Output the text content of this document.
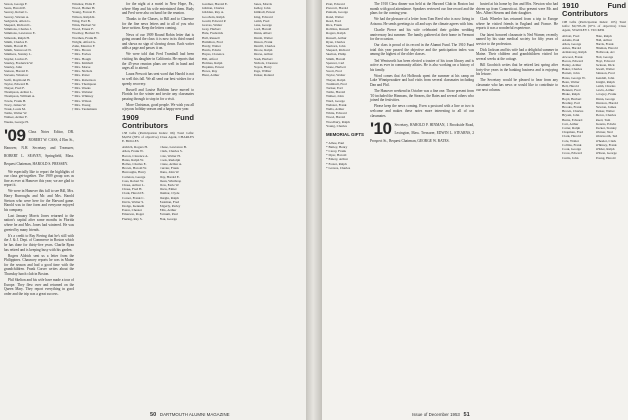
Saxon, George F.
Sears, Harold P.
Seavey, Robert L.
Seavey, Warren A.
Sedgwick, Allen G.
Shepard, Richard L.
Simmons, Charles J.
Simmons, Lawrence E.
Simonds, Ralph H.
Smith, Charles E.
Smith, Harold H.
Smith, Stanwood N.
Smithers, Stanley L.
Snyder, Lucius E.
Stanley, Frederick W.
Stanley, John
Stetson, Harold E.
Stevens, Winslow
Swift, Raymond H.
Taylor, Edward B.
Thayer, Fred F.
Thompson, Arthur L.
Thompson, William A.
Towle, Frank H.
Tracy, James W.
Trask, Louis M.
Tuttle, Walter W.
Walker, Arthur F.
Weeks, George H.

'09 Class Notes Editor, DR. ROBERT W. CASS, 4 Elm St., Hanover, N.H. Secretary and Treasurer, ROBERT L. SEAVEY, Springfield, Mass. Bequest Chairman, HAROLD S. PRESSEY.

We especially like to report the highlights of our class get-together. The 1909 group was as fine as ever at Hanover this year; we are glad to report it.

We were in Hanover this fall to see Bill, Mrs. Harry Burroughs and Mr. and Mrs. Harold Stetson who were here for the Harvard game. Harold was in fine form and everyone enjoyed his company.

Last January Morris Jones returned to the nation's capital after some months in Florida where he and Mrs. Jones had wintered. He was greeted by many friends.

It's a credit to Ray Fiering that he's still with the J. & J. Dept. of Commerce in Boston which he has done for thirty-five years. Charlie Ryan has retired and is keeping busy with his garden.

Rogers Aldrich sent us a letter from the Philippines. Chauncey reports he was in Maine for the season and had a good time with the grandchildren. Frank Corser writes about the Thursday lunch club in Boston.

Phil Skelton and his wife have made a tour of Europe. They flew over and returned on the Queen Mary. They report everything in good order and the trip was a great success.

Windsor, Eldis F.
Wood, Homer H.
Young, Forrest E.
Wilson, Ralph R.
Wing, Earl B.
Winn, Herbert W.
Wood, Ernest F.
Woolley, Herbert W.
Worthen, Frank H.
Wright, Alfred G.
Zahn, Maurice F.
* Mrs. Brown
* Mrs. Forbes
* Mrs. Hough
* Mrs. Kimball
* Mrs. Morse
* Mrs. Nichols
* Mrs. Potter
* Mrs. Robertson
* Mrs. Thompson
* Mrs. Weeks
* Mrs. Webster
* Mrs. Whitney
* Mrs. Wilson
* Mrs. Young
† Mrs. Tiedemann

for the night at a motel in New Hope, Pa., where Shep and his wife entertained them. Rudy and Fred were also on hand for the reunion.

Thanks to the Chases, to Bill and to Clarence for the fine news letters and to all of you who have written. Keep the letters coming.

News of our 1909 Round Robin letter that is going around the class: it is now in its third round and shows no sign of slowing down. Each writer adds a page and passes it on.

We were told that Fred Trumbull had been visiting his daughter in California. He reports that the 45-year reunion plans are well in hand and urges all to attend.

Laura Prescott has sent word that Harold is not so well this fall. We all send our best wishes for a speedy recovery.

Russell and Louise Robbins have moved to Florida for the winter and invite any classmates passing through to stop in for a visit.

More Christmas, good people. We wish you all a joyous holiday season and a happy new year.

1909 Fund Contributors

138 Gifts (Participation Index: 66) Total Gifts: $6,652 (58% of objective) Class Agent, CHARLES E. BOLLES

Aldrich, Rogers H.
Allen, Frank W.
Bacon, Clarence A.
Bates, Ralph W.
Bolles, Charles E.
Brown, Harold W.
Burroughs, Harry
Carleton, George
Cass, Robert W.
Chase, Arthur L.
Chase, Fred H.
Clark, Harold E.
Corser, Frank C.
Davis, Walter S.
Dodge, Kenneth
Eaton, Chester
Emerson, Roger
Fiering, Ray S.
Chase, Lawrence B.
Clark, Charles S.
Cole, Walter H.
Cook, Rudolph
Crane, Arthur A.
Currier, Frank
Dana, John W.
Day, Harold E.
Dean, Winthrop
Dow, Earle W.
Drew, Elmer
Dunbar, Clyde
Durgin, Ralph
Eastman, Fred
Edgerly, Perley
Ellis, Arthur
Farnum, Paul
Fisk, George
Gardner, Harold E.
Gilman, Charles
Glidden, Ray A.
Goodwin, Ralph
Gould, Edward P.
Graves, Walter
Gray, Herbert
Hale, Frederick
Hall, Russell
Hamilton, Fred
Hardy, Walter
Harris, Edwin
Hayes, Clarence
Hill, Alfred
Holmes, Ralph
Hopkins, Ernest
Howe, Ray
Hunt, Arthur
Jones, Morris
Kelley, John
Kimball, Ernest
King, Edward
Lamb, Fred
Lane, George
Lord, Harold
Mann, Albert
Marsh, Walter
Mason, Frank
Merrill, Charles
Moore, Ralph
Morse, Arthur
Nash, Herbert
Nichols, Clarence
Noyes, Harry
Page, Wilbur
Parker, Roland
50 DARTMOUTH ALUMNI MAGAZINE
Pratt, Edward
Prescott, Harold
Putnam, George
Rand, Walter
Reed, Fred
Rice, Frank
Robbins, Russell
Rogers, Ralph
Russell, Arthur
Ryan, Charles
Sanborn, John
Shepard, Richard
Skelton, Philip
Smith, Harold
Spencer, Carl
Stone, Herbert
Swett, Fred
Taylor, Walter
Thayer, Ralph
Trumbull, Fred
Tucker, Earl
Tuttle, Harold
Walker, John
Ward, George
Webster, Frank
Wells, Arthur
White, Edward
Wood, Harold
Woodbury, Ralph
Young, Charles

MEMORIAL GIFTS

* Albee, Paul
* Bailey, Henry
* Carey, Frank
* Dyer, Harold
* Emery, Arthur
* Foster, Ralph
* Graves, Charles

The 1910 Class dinner was held at the Harvard Club in Boston last month with good attendance. Speakers reviewed our fine record and the plans for the coming year.

We had the pleasure of a letter from Tom Reed who is now living in Arizona. He sends greetings to all and says the climate agrees with him.

Charlie Pierce and his wife celebrated their golden wedding anniversary last summer. The family gathered at their home in Vermont for the occasion.

Our class is proud of its record in the Alumni Fund. The 1910 Fund total this year passed the objective and the participation index was among the highest of the older classes.

Ted Wentworth has been elected a trustee of his town library and is active as ever in community affairs. He is also working on a history of his family.

Word comes that Art Holbrook spent the summer at his camp on Lake Winnipesaukee and had visits from several classmates including Dan and Phil.

The Hanover weekend in October was a fine one. Those present from '10 included the Hinmans, the Stearns, the Bates and several others who joined the festivities.

Please keep the news coming. Even a postcard with a line or two is welcome and makes these notes more interesting to all of our classmates.

'10 Secretary, HAROLD P. HINMAN, 1 Brookside Road, Lexington, Mass. Treasurer, EDWIN L. STEARNS, 2 Prospect St., Bequest Chairman, GEORGE W. BATES.

hosted at his home by Jim and Mrs. Newton who had driven up from Connecticut. Also present were Mr. and Mrs. Albert Stearns and their daughter.

Clark Wheeler has returned from a trip to Europe where he visited friends in England and France. He reports it was a wonderful experience.

Our latest honored classmate is Ned Warner, recently named by his state medical society for fifty years of service to the profession.

Dick Jackson and his wife had a delightful summer in Maine. Their children and grandchildren visited for several weeks at the cottage.

Bill Goodrich writes that he retired last spring after forty-five years in the banking business and is enjoying his leisure.

The Secretary would be pleased to hear from any classmate who has news or would like to contribute to our next column.

1910 Fund Contributors

198 Gifts (Participation Index: 105) Total Gifts: $9,705.26 (97% of objective) Class Agent, STANLEY J. TUCKER

Abbott, Fred
Adams, Paul
Allen, George
Ames, Harold
Armstrong, Ralph
Atwood, Frank
Bacon, Edward
Bailey, Arthur
Baker, Charles
Barrett, John
Bates, George W.
Bean, Walter
Bell, Harold
Bennett, Fred
Blake, Ralph
Boyd, Herbert
Bradley, Earl
Brooks, Frank
Brown, Charles
Bryant, John
Burns, Edward
Carr, Arthur
Carter, Ralph
Chapman, Fred
Clark, Harold
Cole, Walter
Collins, Frank
Cook, George
Cross, Edward
Curtis, John
Hale, Ralph
Hall, Arthur
Harris, Frank
Hinman, Harold
Holbrook, Art
Holt, George
Hoyt, Edward
Jackson, Dick
Jewell, Walter
Johnson, Fred
Kendall, John
Knight, Ralph
Lamb, Charles
Lewis, Arthur
Lovejoy, Frank
Mann, George
Marston, Harold
Newton, James
Parker, Walter
Pierce, Charles
Reed, Tom
Stearns, Edwin
Tucker, Stanley
Warner, Ned
Wentworth, Ted
Wheeler, Clark
Whitney, Frank
Wilder, Ralph
Wilson, George
Young, Harold
Issue of December 1953 51
